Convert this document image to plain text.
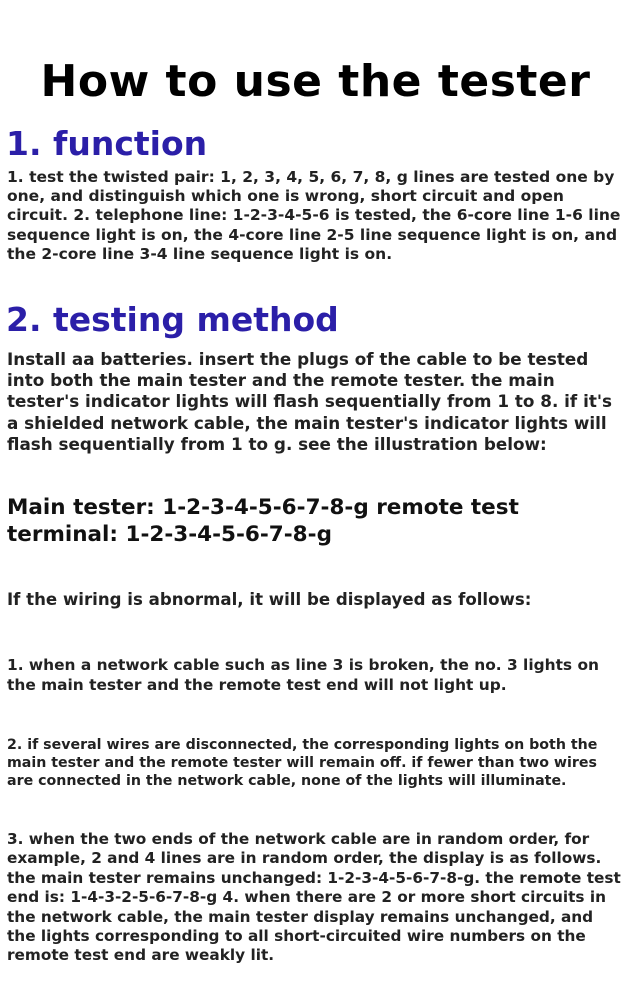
How to use the tester
1. function
1. test the twisted pair: 1, 2, 3, 4, 5, 6, 7, 8, g lines are tested one by one, and distinguish which one is wrong, short circuit and open circuit. 2. telephone line: 1-2-3-4-5-6 is tested, the 6-core line 1-6 line sequence light is on, the 4-core line 2-5 line sequence light is on, and the 2-core line 3-4 line sequence light is on.
2. testing method
Install aa batteries. insert the plugs of the cable to be tested into both the main tester and the remote tester. the main tester's indicator lights will flash sequentially from 1 to 8. if it's a shielded network cable, the main tester's indicator lights will flash sequentially from 1 to g. see the illustration below:
Main tester: 1-2-3-4-5-6-7-8-g remote test terminal: 1-2-3-4-5-6-7-8-g
If the wiring is abnormal, it will be displayed as follows:
1. when a network cable such as line 3 is broken, the no. 3 lights on the main tester and the remote test end will not light up.
2. if several wires are disconnected, the corresponding lights on both the main tester and the remote tester will remain off. if fewer than two wires are connected in the network cable, none of the lights will illuminate.
3. when the two ends of the network cable are in random order, for example, 2 and 4 lines are in random order, the display is as follows. the main tester remains unchanged: 1-2-3-4-5-6-7-8-g. the remote test end is: 1-4-3-2-5-6-7-8-g 4. when there are 2 or more short circuits in the network cable, the main tester display remains unchanged, and the lights corresponding to all short-circuited wire numbers on the remote test end are weakly lit.
